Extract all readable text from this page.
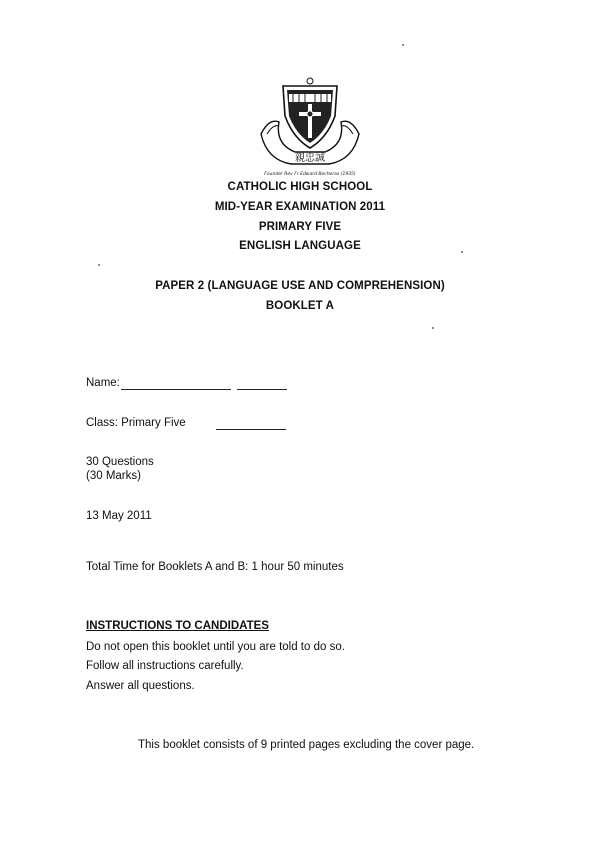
親忠誠
Founder Rev Fr Edward Becheras (1935)
CATHOLIC HIGH SCHOOL
MID-YEAR EXAMINATION 2011
PRIMARY FIVE
ENGLISH LANGUAGE
PAPER 2 (LANGUAGE USE AND COMPREHENSION)
BOOKLET A
Name:
Class: Primary Five
30 Questions
(30 Marks)
13 May 2011
Total Time for Booklets A and B: 1 hour 50 minutes
INSTRUCTIONS TO CANDIDATES
Do not open this booklet until you are told to do so.
Follow all instructions carefully.
Answer all questions.
This booklet consists of 9 printed pages excluding the cover page.
